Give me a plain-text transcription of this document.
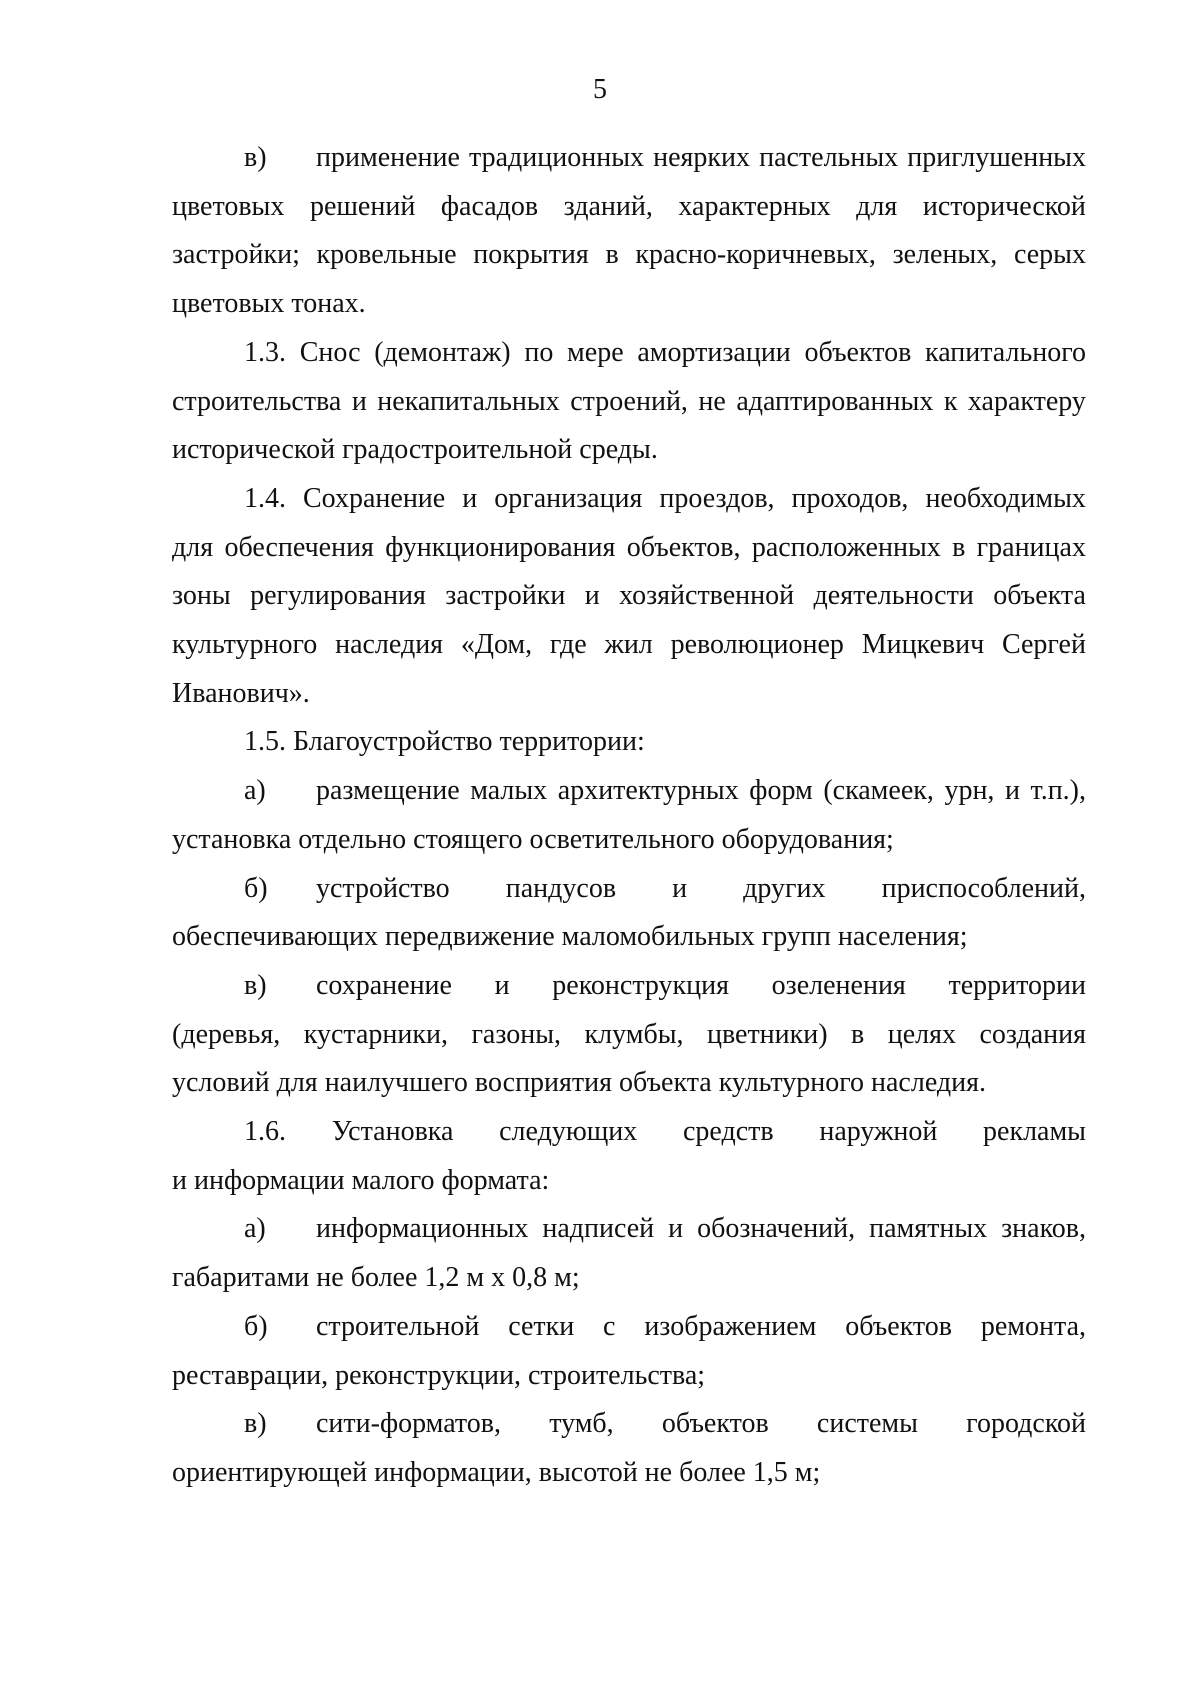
5
в)	применение традиционных неярких пастельных приглушенных
цветовых решений фасадов зданий, характерных для исторической
застройки; кровельные покрытия в красно-коричневых, зеленых, серых
цветовых тонах.
1.3. Снос (демонтаж) по мере амортизации объектов капитального
строительства и некапитальных строений, не адаптированных к характеру
исторической градостроительной среды.
1.4. Сохранение и организация проездов, проходов, необходимых
для обеспечения функционирования объектов, расположенных в границах
зоны регулирования застройки и хозяйственной деятельности объекта
культурного наследия «Дом, где жил революционер Мицкевич Сергей
Иванович».
1.5. Благоустройство территории:
а)	размещение малых архитектурных форм (скамеек, урн, и т.п.),
установка отдельно стоящего осветительного оборудования;
б)	устройство пандусов и других приспособлений,
обеспечивающих передвижение маломобильных групп населения;
в)	сохранение и реконструкция озеленения территории
(деревья, кустарники, газоны, клумбы, цветники) в целях создания
условий для наилучшего восприятия объекта культурного наследия.
1.6. Установка следующих средств наружной рекламы
и информации малого формата:
а)	информационных надписей и обозначений, памятных знаков,
габаритами не более 1,2 м х 0,8 м;
б)	строительной сетки с изображением объектов ремонта,
реставрации, реконструкции, строительства;
в)	сити-форматов, тумб, объектов системы городской
ориентирующей информации, высотой не более 1,5 м;
